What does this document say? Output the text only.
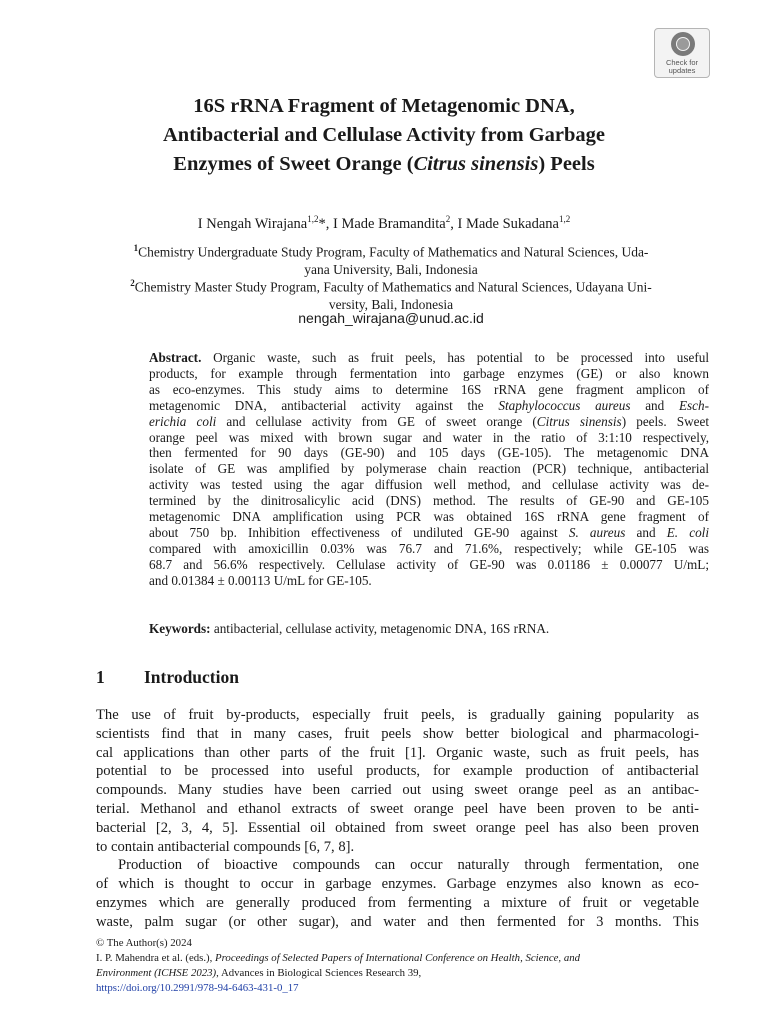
Check for
updates
16S rRNA Fragment of Metagenomic DNA,
Antibacterial and Cellulase Activity from Garbage
Enzymes of Sweet Orange (Citrus sinensis) Peels
I Nengah Wirajana$^{1,2}$*, I Made Bramandita$^2$, I Made Sukadana$^{1,2}$
$^1$Chemistry Undergraduate Study Program, Faculty of Mathematics and Natural Sciences, Uda-
yana University, Bali, Indonesia
$^2$Chemistry Master Study Program, Faculty of Mathematics and Natural Sciences, Udayana Uni-
versity, Bali, Indonesia
nengah_wirajana@unud.ac.id
Abstract. Organic waste, such as fruit peels, has potential to be processed into useful
products, for example through fermentation into garbage enzymes (GE) or also known
as eco-enzymes. This study aims to determine 16S rRNA gene fragment amplicon of
metagenomic DNA, antibacterial activity against the Staphylococcus aureus and Esch-
erichia coli and cellulase activity from GE of sweet orange (Citrus sinensis) peels. Sweet
orange peel was mixed with brown sugar and water in the ratio of 3:1:10 respectively,
then fermented for 90 days (GE-90) and 105 days (GE-105). The metagenomic DNA
isolate of GE was amplified by polymerase chain reaction (PCR) technique, antibacterial
activity was tested using the agar diffusion well method, and cellulase activity was de-
termined by the dinitrosalicylic acid (DNS) method. The results of GE-90 and GE-105
metagenomic DNA amplification using PCR was obtained 16S rRNA gene fragment of
about 750 bp. Inhibition effectiveness of undiluted GE-90 against S. aureus and E. coli
compared with amoxicillin 0.03% was 76.7 and 71.6%, respectively; while GE-105 was
68.7 and 56.6% respectively. Cellulase activity of GE-90 was 0.01186 ± 0.00077 U/mL;
and 0.01384 ± 0.00113 U/mL for GE-105.
Keywords: antibacterial, cellulase activity, metagenomic DNA, 16S rRNA.
1 Introduction
The use of fruit by-products, especially fruit peels, is gradually gaining popularity as
scientists find that in many cases, fruit peels show better biological and pharmacologi-
cal applications than other parts of the fruit [1]. Organic waste, such as fruit peels, has
potential to be processed into useful products, for example production of antibacterial
compounds. Many studies have been carried out using sweet orange peel as an antibac-
terial. Methanol and ethanol extracts of sweet orange peel have been proven to be anti-
bacterial [2, 3, 4, 5]. Essential oil obtained from sweet orange peel has also been proven
to contain antibacterial compounds [6, 7, 8].
Production of bioactive compounds can occur naturally through fermentation, one
of which is thought to occur in garbage enzymes. Garbage enzymes also known as eco-
enzymes which are generally produced from fermenting a mixture of fruit or vegetable
waste, palm sugar (or other sugar), and water and then fermented for 3 months. This
© The Author(s) 2024
I. P. Mahendra et al. (eds.), Proceedings of Selected Papers of International Conference on Health, Science, and
Environment (ICHSE 2023), Advances in Biological Sciences Research 39,
https://doi.org/10.2991/978-94-6463-431-0_17
